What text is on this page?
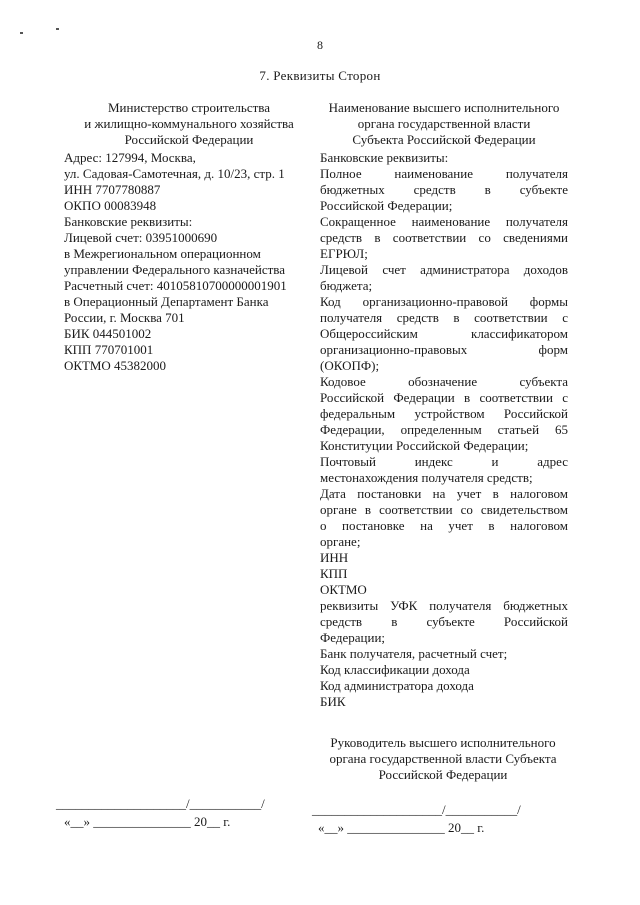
8
7. Реквизиты Сторон
Министерство строительства
и жилищно-коммунального хозяйства
Российской Федерации
Адрес: 127994, Москва,
ул. Садовая-Самотечная, д. 10/23, стр. 1
ИНН 7707780887
ОКПО 00083948
Банковские реквизиты:
Лицевой счет: 03951000690
в Межрегиональном операционном
управлении Федерального казначейства
Расчетный счет: 40105810700000001901
в Операционный Департамент Банка
России, г. Москва 701
БИК 044501002
КПП 770701001
ОКТМО 45382000
Наименование высшего исполнительного
органа государственной власти
Субъекта Российской Федерации
Банковские реквизиты:
Полное наименование получателя
бюджетных средств в субъекте
Российской Федерации;
Сокращенное наименование получателя
средств в соответствии со сведениями
ЕГРЮЛ;
Лицевой счет администратора доходов
бюджета;
Код организационно-правовой формы
получателя средств в соответствии с
Общероссийским классификатором
организационно-правовых форм
(ОКОПФ);
Кодовое обозначение субъекта
Российской Федерации в соответствии с
федеральным устройством Российской
Федерации, определенным статьей 65
Конституции Российской Федерации;
Почтовый индекс и адрес
местонахождения получателя средств;
Дата постановки на учет в налоговом
органе в соответствии со свидетельством
о постановке на учет в налоговом
органе;
ИНН
КПП
ОКТМО
реквизиты УФК получателя бюджетных
средств в субъекте Российской
Федерации;
Банк получателя, расчетный счет;
Код классификации дохода
Код администратора дохода
БИК
Руководитель высшего исполнительного
органа государственной власти Субъекта
Российской Федерации
____________________/___________/
«__» _______________ 20__ г.
____________________/___________/
«__» _______________ 20__ г.
